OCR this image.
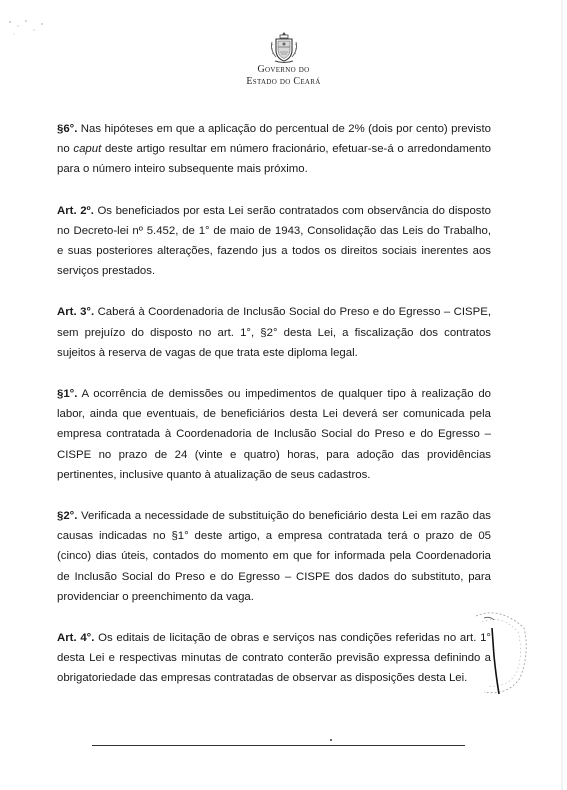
Governo do
Estado do Ceará

§6°. Nas hipóteses em que a aplicação do percentual de 2% (dois por cento) previsto no caput deste artigo resultar em número fracionário, efetuar-se-á o arredondamento para o número inteiro subsequente mais próximo.

Art. 2º. Os beneficiados por esta Lei serão contratados com observância do disposto no Decreto-lei nº 5.452, de 1° de maio de 1943, Consolidação das Leis do Trabalho, e suas posteriores alterações, fazendo jus a todos os direitos sociais inerentes aos serviços prestados.

Art. 3°. Caberá à Coordenadoria de Inclusão Social do Preso e do Egresso – CISPE, sem prejuízo do disposto no art. 1°, §2° desta Lei, a fiscalização dos contratos sujeitos à reserva de vagas de que trata este diploma legal.

§1°. A ocorrência de demissões ou impedimentos de qualquer tipo à realização do labor, ainda que eventuais, de beneficiários desta Lei deverá ser comunicada pela empresa contratada à Coordenadoria de Inclusão Social do Preso e do Egresso – CISPE no prazo de 24 (vinte e quatro) horas, para adoção das providências pertinentes, inclusive quanto à atualização de seus cadastros.

§2°. Verificada a necessidade de substituição do beneficiário desta Lei em razão das causas indicadas no §1° deste artigo, a empresa contratada terá o prazo de 05 (cinco) dias úteis, contados do momento em que for informada pela Coordenadoria de Inclusão Social do Preso e do Egresso – CISPE dos dados do substituto, para providenciar o preenchimento da vaga.

Art. 4°. Os editais de licitação de obras e serviços nas condições referidas no art. 1° desta Lei e respectivas minutas de contrato conterão previsão expressa definindo a obrigatoriedade das empresas contratadas de observar as disposições desta Lei.
